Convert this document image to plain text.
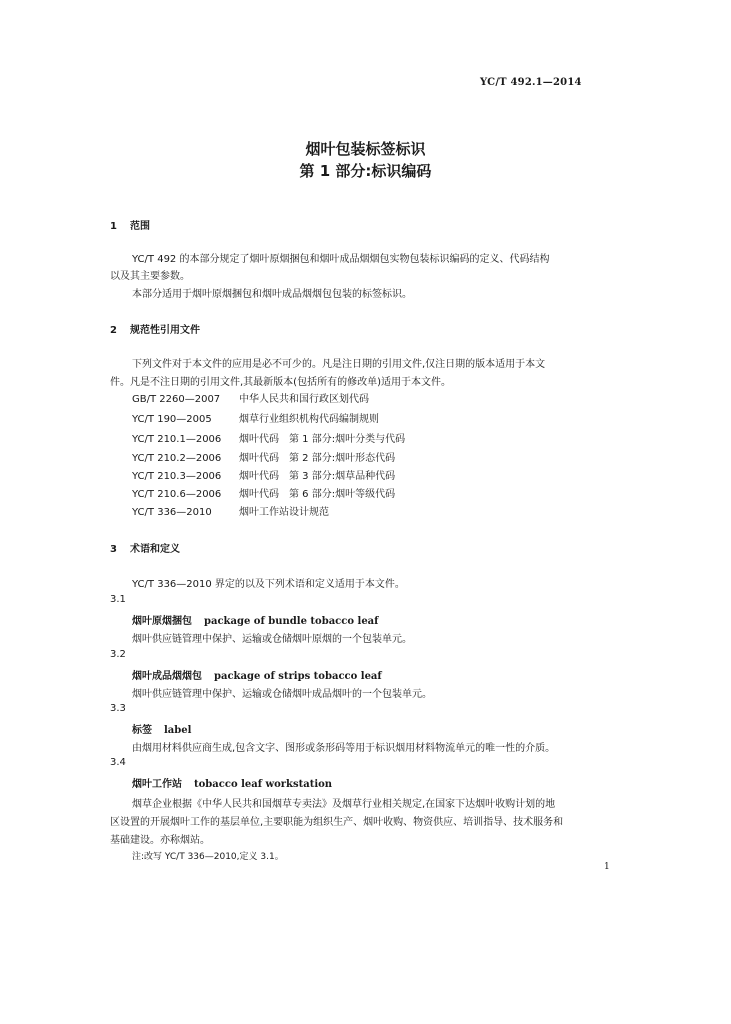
YC/T 492.1—2014
烟叶包装标签标识
第 1 部分:标识编码
1 范围
YC/T 492 的本部分规定了烟叶原烟捆包和烟叶成品烟烟包实物包装标识编码的定义、代码结构
以及其主要参数。
本部分适用于烟叶原烟捆包和烟叶成品烟烟包包装的标签标识。
2 规范性引用文件
下列文件对于本文件的应用是必不可少的。凡是注日期的引用文件,仅注日期的版本适用于本文
件。凡是不注日期的引用文件,其最新版本(包括所有的修改单)适用于本文件。
GB/T 2260—2007 中华人民共和国行政区划代码
YC/T 190—2005	烟草行业组织机构代码编制规则
YC/T 210.1—2006 烟叶代码　第 1 部分:烟叶分类与代码
YC/T 210.2—2006 烟叶代码　第 2 部分:烟叶形态代码
YC/T 210.3—2006 烟叶代码　第 3 部分:烟草品种代码
YC/T 210.6—2006 烟叶代码　第 6 部分:烟叶等级代码
YC/T 336—2010	烟叶工作站设计规范
3 术语和定义
YC/T 336—2010 界定的以及下列术语和定义适用于本文件。
3.1
烟叶原烟捆包 package of bundle tobacco leaf
烟叶供应链管理中保护、运输或仓储烟叶原烟的一个包装单元。
3.2
烟叶成品烟烟包 package of strips tobacco leaf
烟叶供应链管理中保护、运输或仓储烟叶成品烟叶的一个包装单元。
3.3
标签 label
由烟用材料供应商生成,包含文字、图形或条形码等用于标识烟用材料物流单元的唯一性的介质。
3.4
烟叶工作站 tobacco leaf workstation
烟草企业根据《中华人民共和国烟草专卖法》及烟草行业相关规定,在国家下达烟叶收购计划的地
区设置的开展烟叶工作的基层单位,主要职能为组织生产、烟叶收购、物资供应、培训指导、技术服务和
基础建设。亦称烟站。
注:改写 YC/T 336—2010,定义 3.1。
1
